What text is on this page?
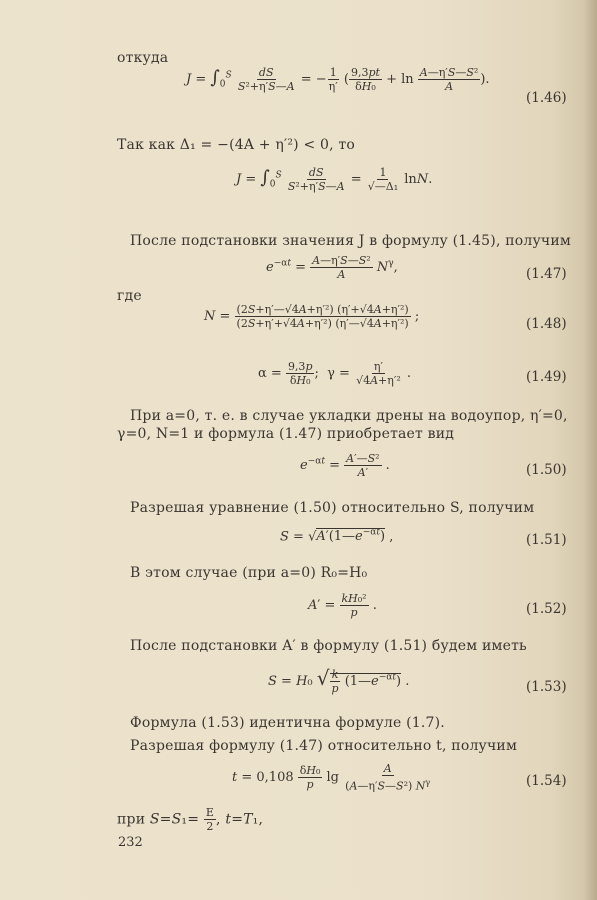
откуда
$J = \int_0^S \frac{dS}{\text{S²+η′S—A}}$ = − $\frac{1}{\eta'}$ ( $\frac{9,3pt}{\text{δH₀}} + \ln \frac{\text{A—η′S—S²}}{A}$ ).
(1.46)
Так как Δ₁ = −(4A + η′²) < 0, то
$J = \int_0^S \frac{dS}{\text{S²+η′S—A}} = \frac{1}{\text{√—Δ₁}} \ln N$.
После подстановки значения J в формулу (1.45), получим
$e^{-\alpha t} = \frac{\text{A—η′S—S²}}{A} N^\gamma$,	(1.47)
где
$N = \frac{\text{(2S+η′—√4A+η′²) (η′+√4A+η′²)}}{\text{(2S+η′+√4A+η′²) (η′—√4A+η′²)}}$ ;	(1.48)
$\alpha = \frac{9,3p}{\text{δH₀}}$ ;  $\gamma = \frac{\eta'}{\text{√4A+η′²}}$ .	(1.49)
При a=0, т. е. в случае укладки дрены на водоупор, η′=0,
γ=0, N=1 и формула (1.47) приобретает вид
$e^{-\alpha t} = \frac{\text{A′—S²}}{A'}$ .	(1.50)
Разрешая уравнение (1.50) относительно S, получим
$S = √A'(1—e^{-\alpha t})$ ,	(1.51)
В этом случае (при a=0) R₀=H₀
$A' = \frac{\text{kH₀²}}{p}$ .	(1.52)
После подстановки A′ в формулу (1.51) будем иметь
S = H₀ √ $\frac{k}{p}$ $(1—e^{-\alpha t})$ .	(1.53)
Формула (1.53) идентична формуле (1.7).
Разрешая формулу (1.47) относительно t, получим
$t = 0,108 \frac{\text{δH₀}}{p}$ $\lg \frac{A}{(A—\eta'S—S^2) N^\gamma}$	(1.54)
при $S=S_1= \frac{E}{2}$ , t=T₁,
232
